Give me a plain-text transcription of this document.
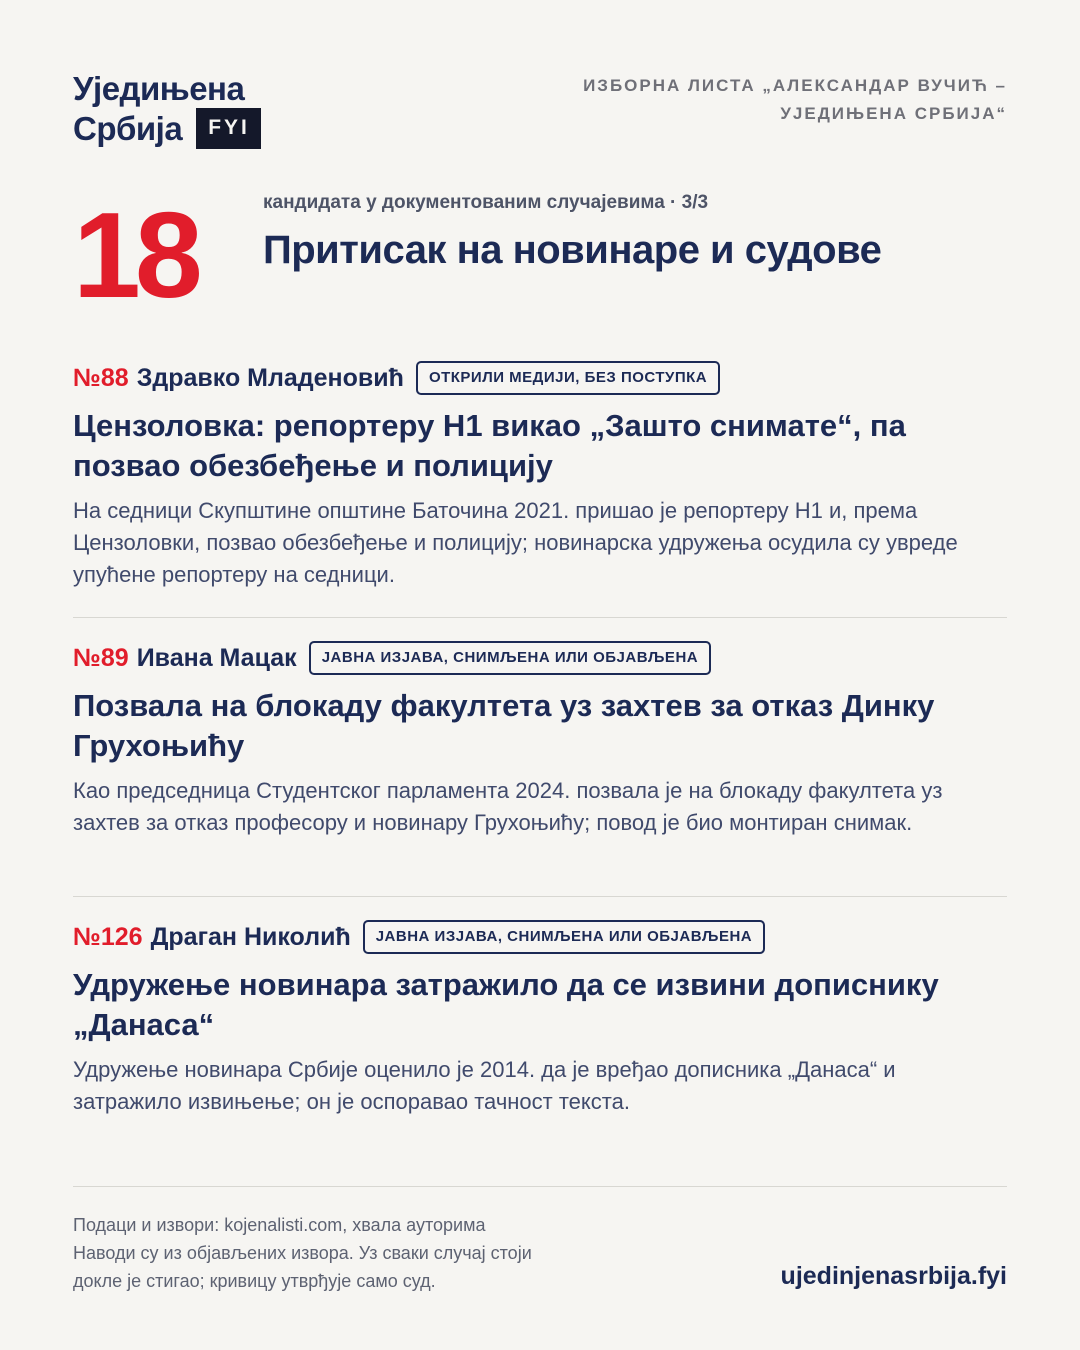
Уједињена
Србија	FYI
ИЗБОРНА ЛИСТА „АЛЕКСАНДАР ВУЧИЋ –
УЈЕДИЊЕНА СРБИЈА“
18	кандидата у документованим случајевима · 3/3
Притисак на новинаре и судове
№88 Здравко Младеновић	ОТКРИЛИ МЕДИЈИ, БЕЗ ПОСТУПКА
Цензоловка: репортеру Н1 викао „Зашто снимате“, па позвао обезбеђење и полицију
На седници Скупштине општине Баточина 2021. пришао је репортеру Н1 и, према Цензоловки, позвао обезбеђење и полицију; новинарска удружења осудила су увреде упућене репортеру на седници.
№89 Ивана Мацак	ЈАВНА ИЗЈАВА, СНИМЉЕНА ИЛИ ОБЈАВЉЕНА
Позвала на блокаду факултета уз захтев за отказ Динку Грухоњићу
Као председница Студентског парламента 2024. позвала је на блокаду факултета уз захтев за отказ професору и новинару Грухоњићу; повод је био монтиран снимак.
№126 Драган Николић	ЈАВНА ИЗЈАВА, СНИМЉЕНА ИЛИ ОБЈАВЉЕНА
Удружење новинара затражило да се извини дописнику „Данаса“
Удружење новинара Србије оценило је 2014. да је вређао дописника „Данаса“ и затражило извињење; он је оспоравао тачност текста.
Подаци и извори: kojenalisti.com, хвала ауторима
Наводи су из објављених извора. Уз сваки случај стоји
докле је стигао; кривицу утврђује само суд.	ujedinjenasrbija.fyi
